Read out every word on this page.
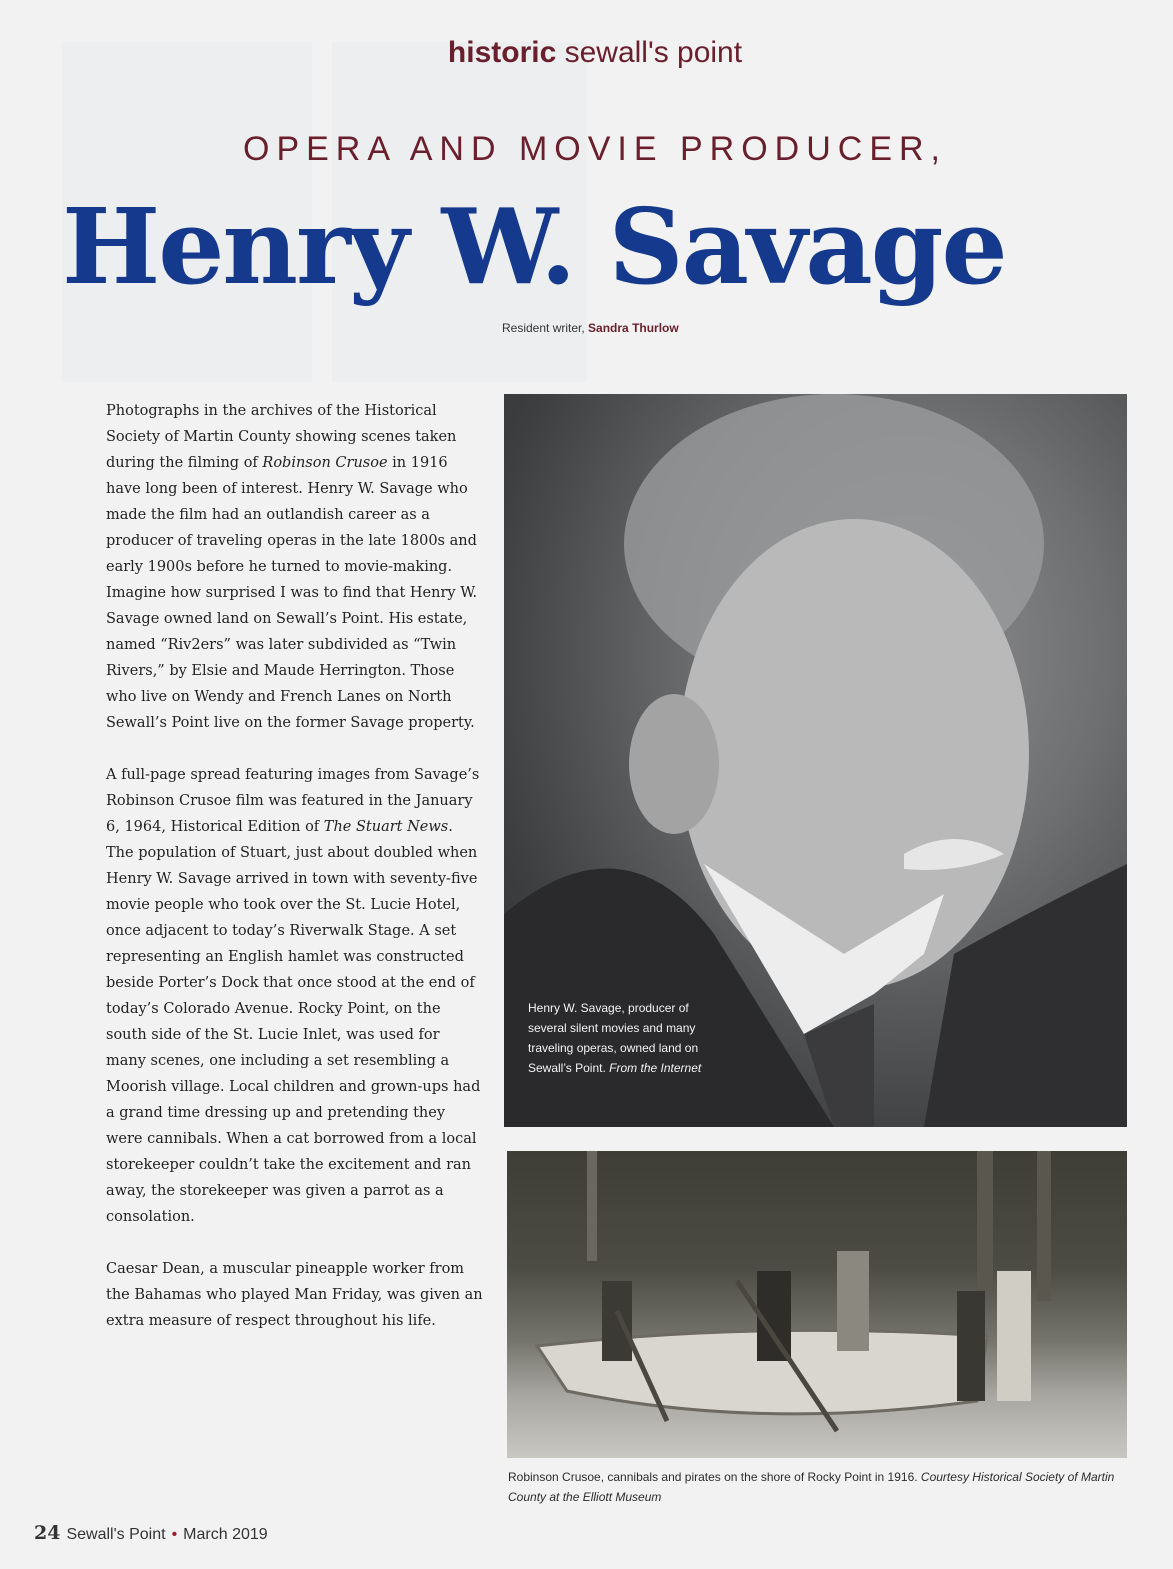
historic sewall's point
OPERA AND MOVIE PRODUCER,
Henry W. Savage
Resident writer, Sandra Thurlow

Photographs in the archives of the Historical Society of Martin County showing scenes taken during the filming of Robinson Crusoe in 1916 have long been of interest. Henry W. Savage who made the film had an outlandish career as a producer of traveling operas in the late 1800s and early 1900s before he turned to movie-making. Imagine how surprised I was to find that Henry W. Savage owned land on Sewall’s Point. His estate, named “Riv2ers” was later subdivided as “Twin Rivers,” by Elsie and Maude Herrington. Those who live on Wendy and French Lanes on North Sewall’s Point live on the former Savage property.

A full-page spread featuring images from Savage’s Robinson Crusoe film was featured in the January 6, 1964, Historical Edition of The Stuart News. The population of Stuart, just about doubled when Henry W. Savage arrived in town with seventy-five movie people who took over the St. Lucie Hotel, once adjacent to today’s Riverwalk Stage. A set representing an English hamlet was constructed beside Porter’s Dock that once stood at the end of today’s Colorado Avenue. Rocky Point, on the south side of the St. Lucie Inlet, was used for many scenes, one including a set resembling a Moorish village. Local children and grown-ups had a grand time dressing up and pretending they were cannibals. When a cat borrowed from a local storekeeper couldn’t take the excitement and ran away, the storekeeper was given a parrot as a consolation.

Caesar Dean, a muscular pineapple worker from the Bahamas who played Man Friday, was given an extra measure of respect throughout his life.

Henry W. Savage, producer of several silent movies and many traveling operas, owned land on Sewall’s Point. From the Internet
Robinson Crusoe, cannibals and pirates on the shore of Rocky Point in 1916. Courtesy Historical Society of Martin County at the Elliott Museum
24 Sewall's Point • March 2019
